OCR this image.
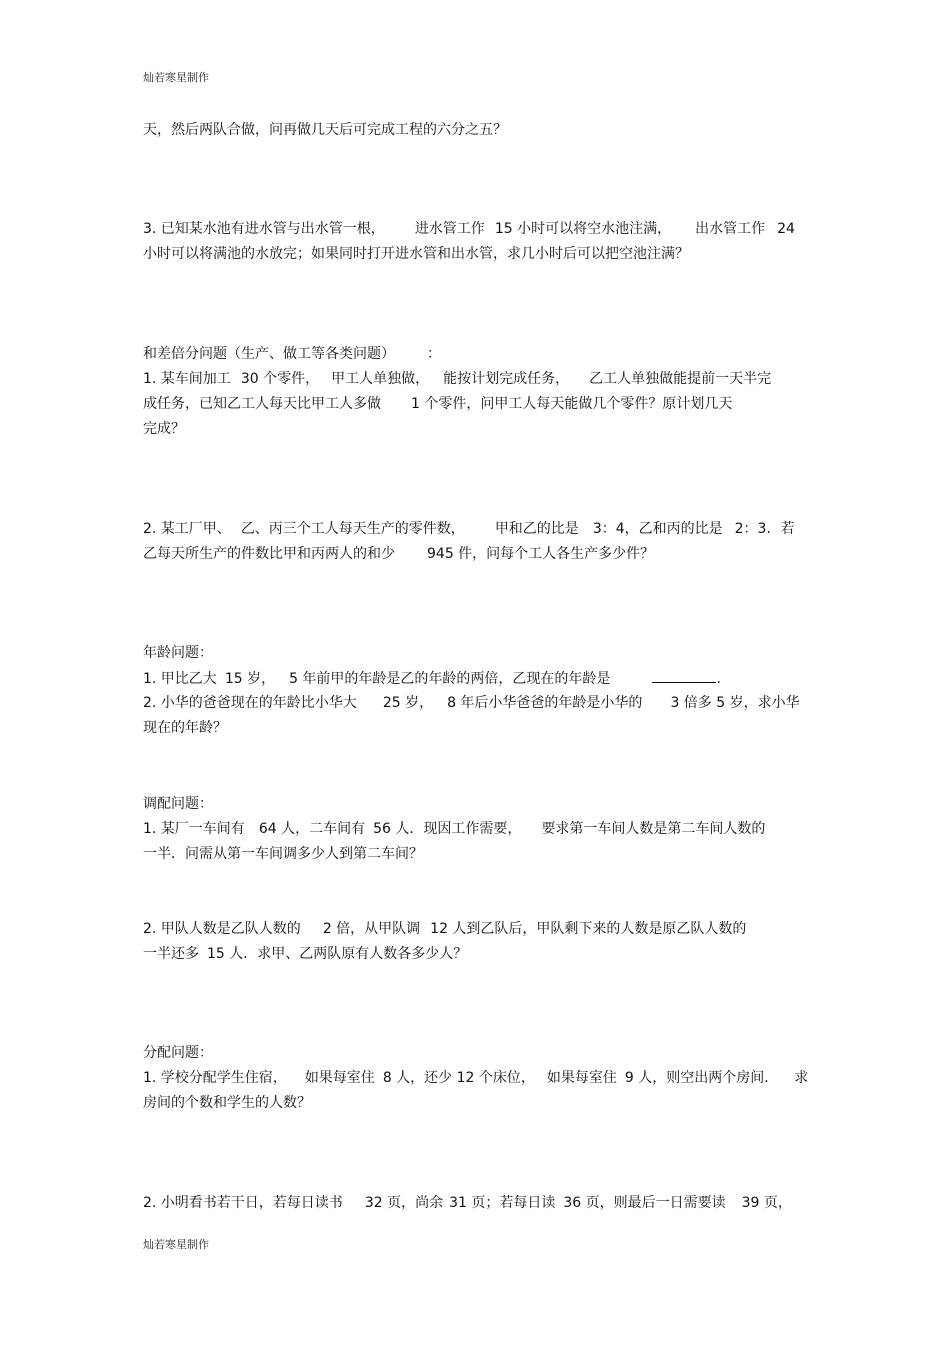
灿若寒星制作
天，然后两队合做，问再做几天后可完成工程的六分之五？
3. 已知某水池有进水管与出水管一根， 进水管工作 15 小时可以将空水池注满， 出水管工作 24
小时可以将满池的水放完；如果同时打开进水管和出水管，求几小时后可以把空池注满？
和差倍分问题（生产、做工等各类问题） ：
1. 某车间加工 30 个零件， 甲工人单独做， 能按计划完成任务， 乙工人单独做能提前一天半完
成任务，已知乙工人每天比甲工人多做 1 个零件，问甲工人每天能做几个零件？原计划几天
完成？
2. 某工厂甲、 乙、丙三个工人每天生产的零件数， 甲和乙的比是 3：4，乙和丙的比是 2：3．若
乙每天所生产的件数比甲和丙两人的和少 945 件，问每个工人各生产多少件？
年龄问题：
1. 甲比乙大 15 岁， 5 年前甲的年龄是乙的年龄的两倍，乙现在的年龄是	.
2. 小华的爸爸现在的年龄比小华大 25 岁， 8 年后小华爸爸的年龄是小华的 3 倍多 5 岁，求小华
现在的年龄？
调配问题：
1. 某厂一车间有 64 人，二车间有 56 人．现因工作需要， 要求第一车间人数是第二车间人数的
一半．问需从第一车间调多少人到第二车间？
2. 甲队人数是乙队人数的 2 倍，从甲队调 12 人到乙队后，甲队剩下来的人数是原乙队人数的
一半还多 15 人．求甲、乙两队原有人数各多少人？
分配问题：
1. 学校分配学生住宿， 如果每室住 8 人，还少 12 个床位， 如果每室住 9 人，则空出两个房间． 求
房间的个数和学生的人数？
2. 小明看书若干日，若每日读书 32 页，尚余 31 页；若每日读 36 页，则最后一日需要读 39 页，
灿若寒星制作
